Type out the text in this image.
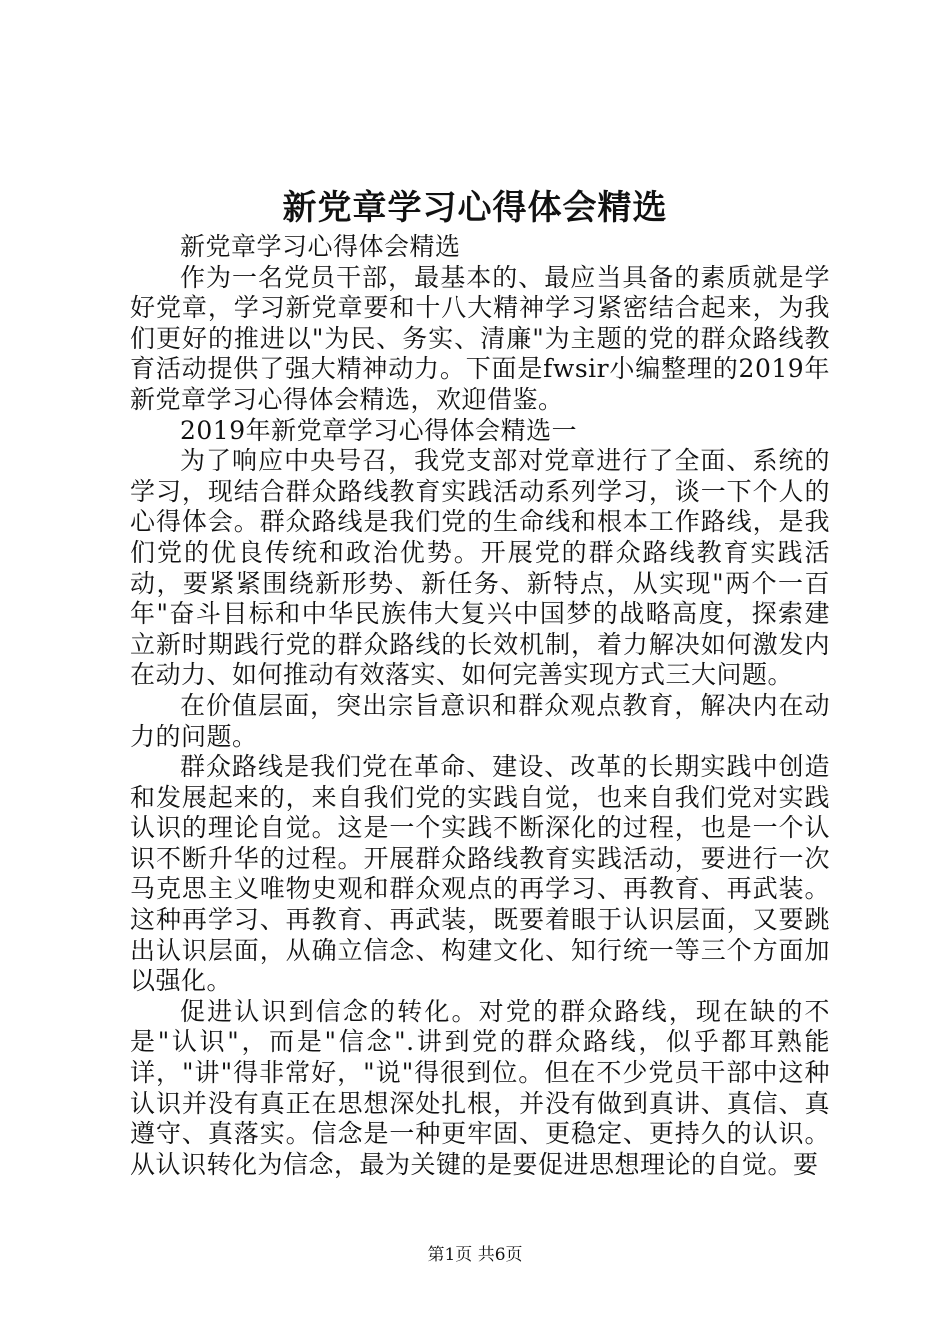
新党章学习心得体会精选

新党章学习心得体会精选

作为一名党员干部，最基本的、最应当具备的素质就是学好党章，学习新党章要和十八大精神学习紧密结合起来，为我们更好的推进以"为民、务实、清廉"为主题的党的群众路线教育活动提供了强大精神动力。下面是fwsir小编整理的2019年新党章学习心得体会精选，欢迎借鉴。

2019年新党章学习心得体会精选一

为了响应中央号召，我党支部对党章进行了全面、系统的学习，现结合群众路线教育实践活动系列学习，谈一下个人的心得体会。群众路线是我们党的生命线和根本工作路线，是我们党的优良传统和政治优势。开展党的群众路线教育实践活动，要紧紧围绕新形势、新任务、新特点，从实现"两个一百年"奋斗目标和中华民族伟大复兴中国梦的战略高度，探索建立新时期践行党的群众路线的长效机制，着力解决如何激发内在动力、如何推动有效落实、如何完善实现方式三大问题。

在价值层面，突出宗旨意识和群众观点教育，解决内在动力的问题。

群众路线是我们党在革命、建设、改革的长期实践中创造和发展起来的，来自我们党的实践自觉，也来自我们党对实践认识的理论自觉。这是一个实践不断深化的过程，也是一个认识不断升华的过程。开展群众路线教育实践活动，要进行一次马克思主义唯物史观和群众观点的再学习、再教育、再武装。这种再学习、再教育、再武装，既要着眼于认识层面，又要跳出认识层面，从确立信念、构建文化、知行统一等三个方面加以强化。

促进认识到信念的转化。对党的群众路线，现在缺的不是"认识"，而是"信念".讲到党的群众路线，似乎都耳熟能详，"讲"得非常好，"说"得很到位。但在不少党员干部中这种认识并没有真正在思想深处扎根，并没有做到真讲、真信、真遵守、真落实。信念是一种更牢固、更稳定、更持久的认识。从认识转化为信念，最为关键的是要促进思想理论的自觉。要

第1页 共6页
